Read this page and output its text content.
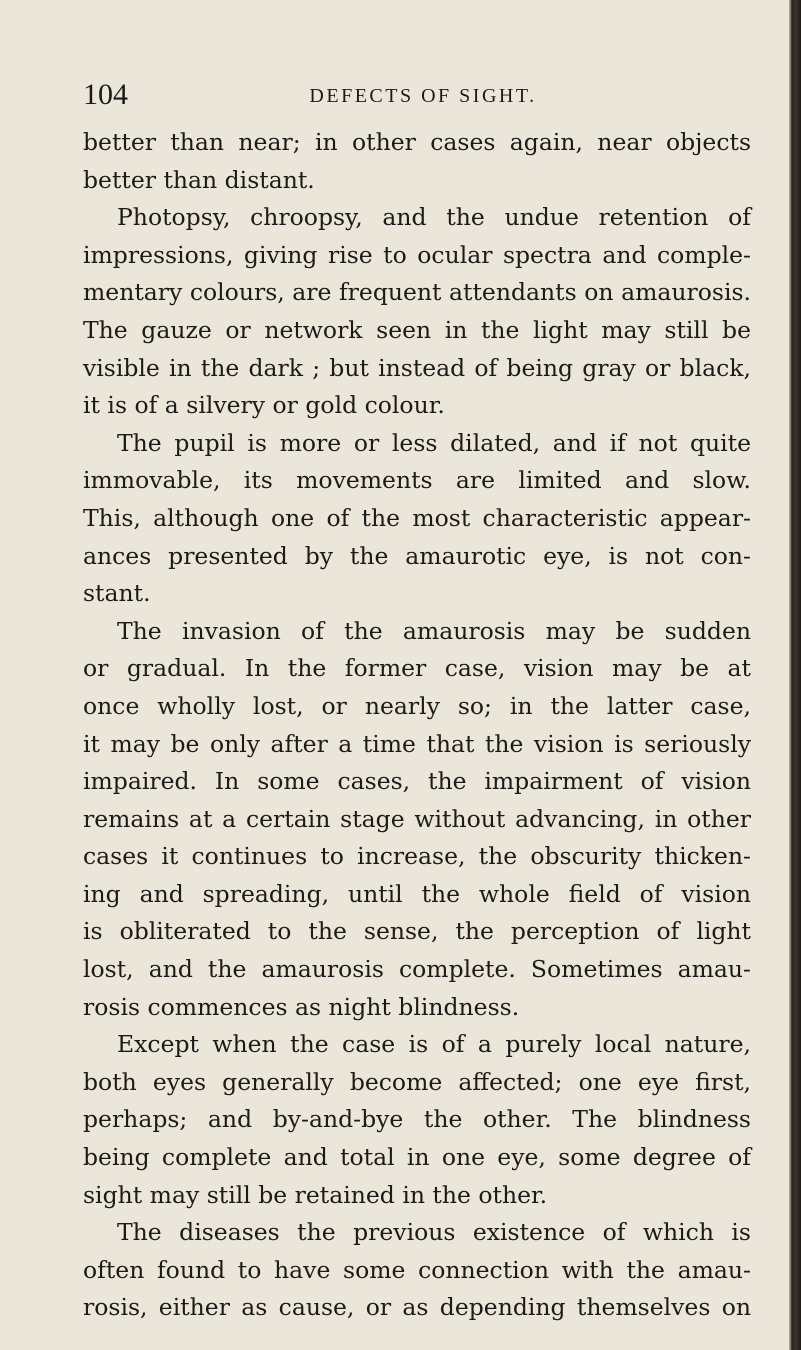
104	DEFECTS OF SIGHT.
better than near; in other cases again, near objects
better than distant.
Photopsy, chroopsy, and the undue retention of
impressions, giving rise to ocular spectra and comple-
mentary colours, are frequent attendants on amaurosis.
The gauze or network seen in the light may still be
visible in the dark ; but instead of being gray or black,
it is of a silvery or gold colour.
The pupil is more or less dilated, and if not quite
immovable, its movements are limited and slow.
This, although one of the most characteristic appear-
ances presented by the amaurotic eye, is not con-
stant.
The invasion of the amaurosis may be sudden
or gradual. In the former case, vision may be at
once wholly lost, or nearly so; in the latter case,
it may be only after a time that the vision is seriously
impaired. In some cases, the impairment of vision
remains at a certain stage without advancing, in other
cases it continues to increase, the obscurity thicken-
ing and spreading, until the whole field of vision
is obliterated to the sense, the perception of light
lost, and the amaurosis complete. Sometimes amau-
rosis commences as night blindness.
Except when the case is of a purely local nature,
both eyes generally become affected; one eye first,
perhaps; and by-and-bye the other. The blindness
being complete and total in one eye, some degree of
sight may still be retained in the other.
The diseases the previous existence of which is
often found to have some connection with the amau-
rosis, either as cause, or as depending themselves on
